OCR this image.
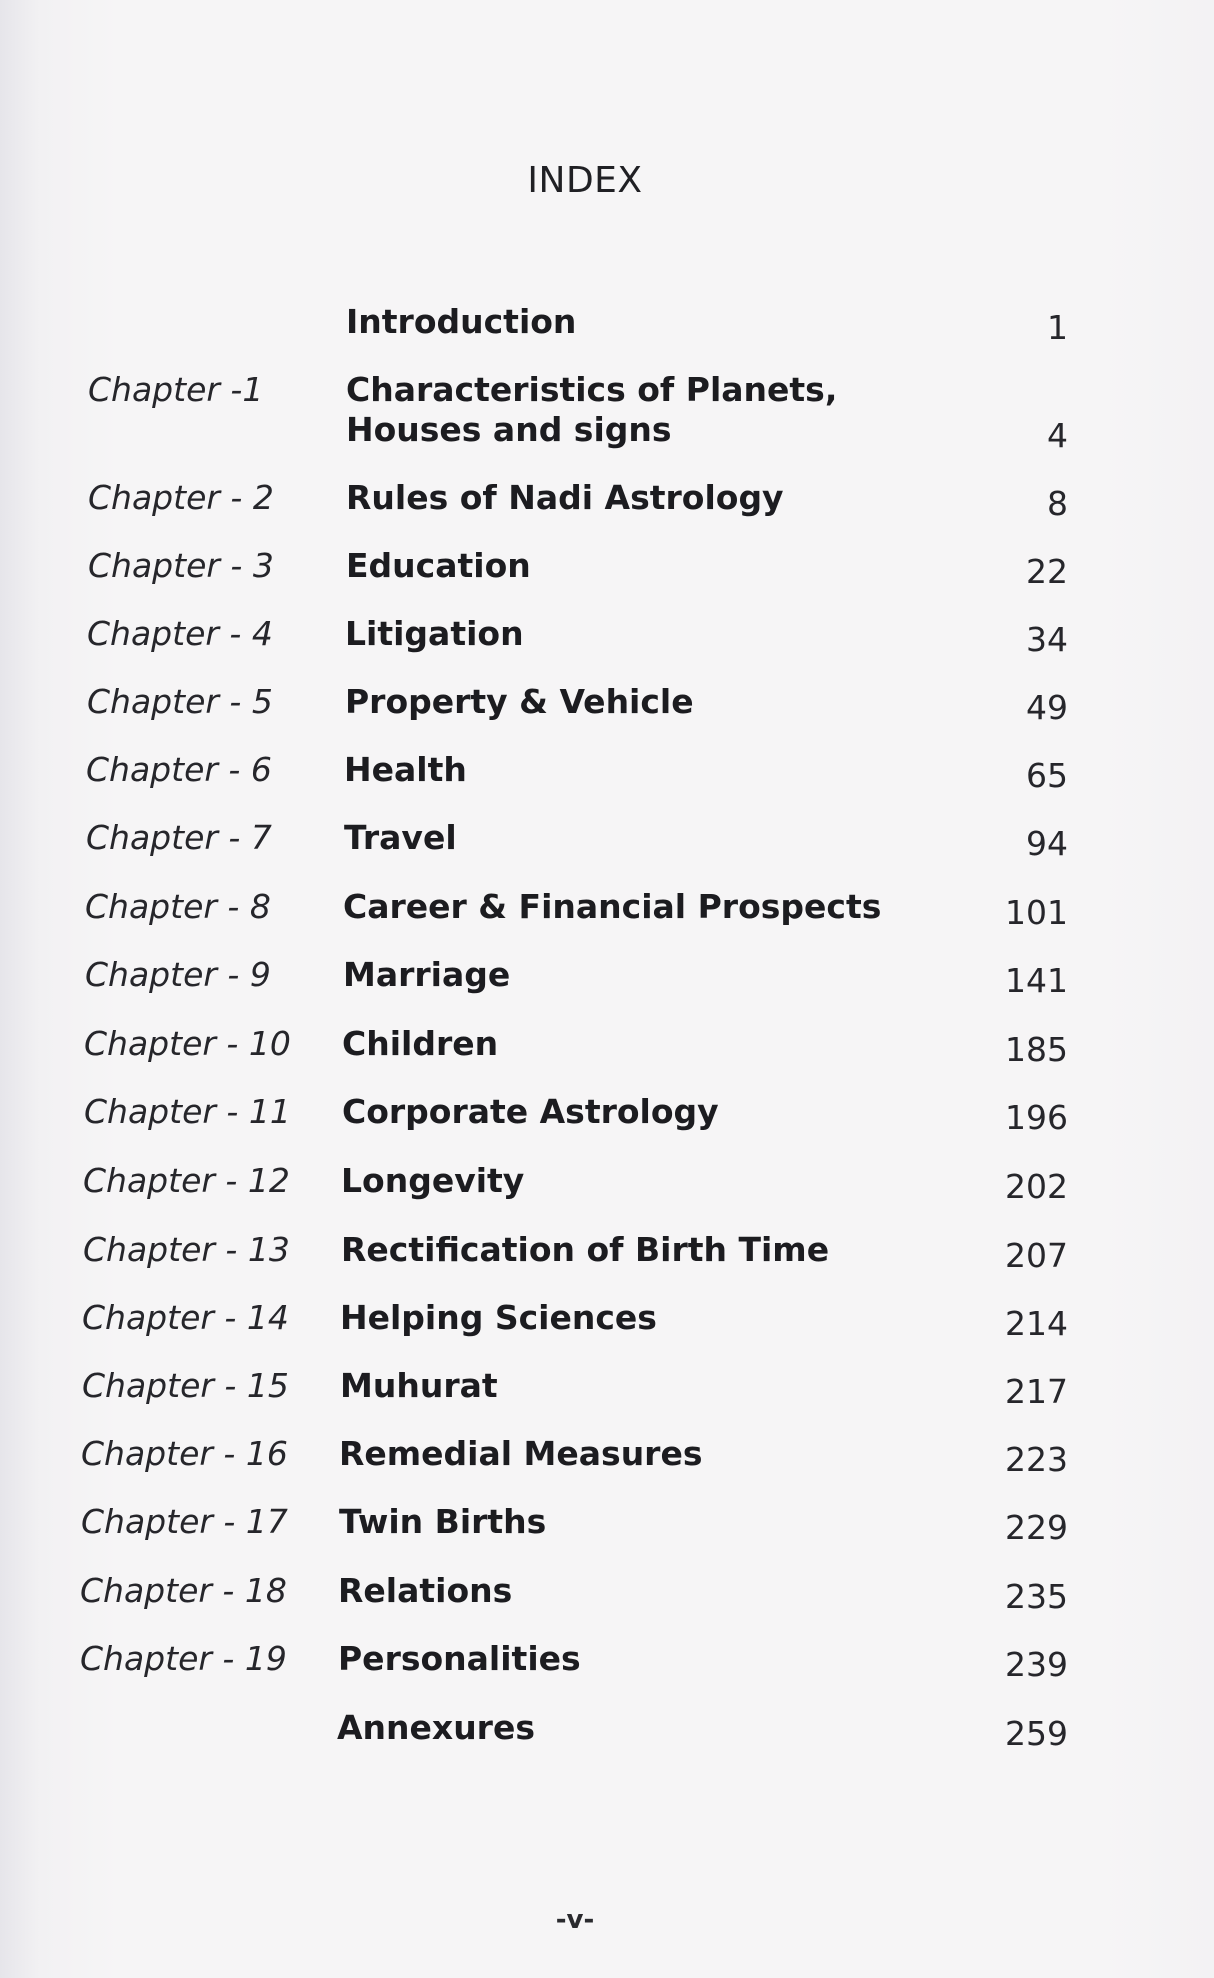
INDEX
Introduction	1
Chapter -1	Characteristics of Planets,
Houses and signs	4
Chapter - 2 Rules of Nadi Astrology	8
Chapter - 3 Education	22
Chapter - 4 Litigation	34
Chapter - 5 Property & Vehicle	49
Chapter - 6 Health	65
Chapter - 7 Travel	94
Chapter - 8 Career & Financial Prospects	101
Chapter - 9 Marriage	141
Chapter - 10 Children	185
Chapter - 11 Corporate Astrology	196
Chapter - 12 Longevity	202
Chapter - 13 Rectification of Birth Time	207
Chapter - 14 Helping Sciences	214
Chapter - 15 Muhurat	217
Chapter - 16 Remedial Measures	223
Chapter - 17 Twin Births	229
Chapter - 18 Relations	235
Chapter - 19 Personalities	239
Annexures	259
-v-
